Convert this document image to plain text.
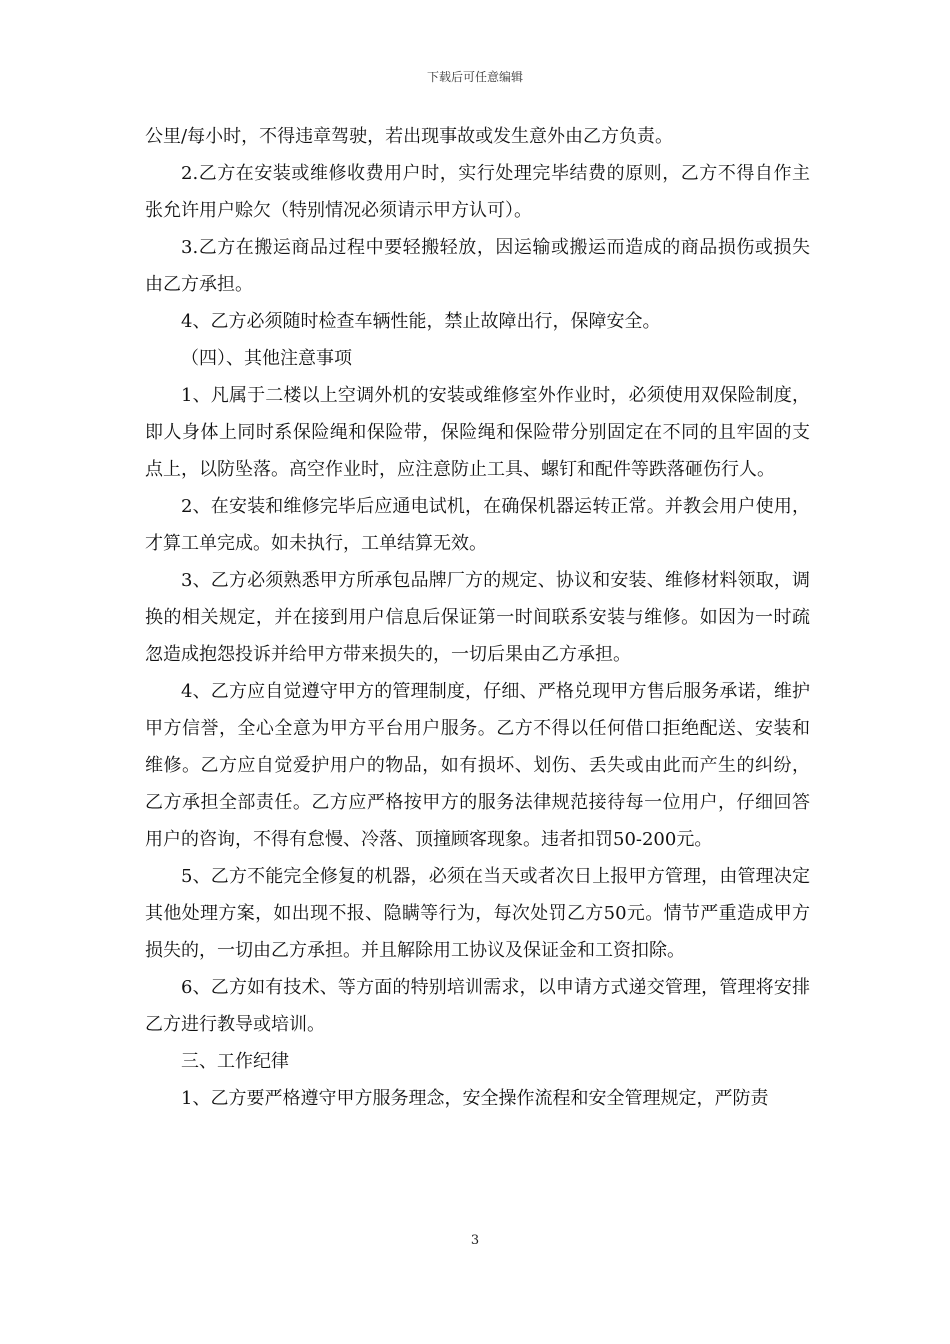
下载后可任意编辑

公里/每小时，不得违章驾驶，若出现事故或发生意外由乙方负责。

2.乙方在安装或维修收费用户时，实行处理完毕结费的原则，乙方不得自作主张允许用户赊欠（特别情况必须请示甲方认可）。

3.乙方在搬运商品过程中要轻搬轻放，因运输或搬运而造成的商品损伤或损失由乙方承担。

4、乙方必须随时检查车辆性能，禁止故障出行，保障安全。

（四）、其他注意事项

1、凡属于二楼以上空调外机的安装或维修室外作业时，必须使用双保险制度，即人身体上同时系保险绳和保险带，保险绳和保险带分别固定在不同的且牢固的支点上，以防坠落。高空作业时，应注意防止工具、螺钉和配件等跌落砸伤行人。

2、在安装和维修完毕后应通电试机，在确保机器运转正常。并教会用户使用，才算工单完成。如未执行，工单结算无效。

3、乙方必须熟悉甲方所承包品牌厂方的规定、协议和安装、维修材料领取，调换的相关规定，并在接到用户信息后保证第一时间联系安装与维修。如因为一时疏忽造成抱怨投诉并给甲方带来损失的，一切后果由乙方承担。

4、乙方应自觉遵守甲方的管理制度，仔细、严格兑现甲方售后服务承诺，维护甲方信誉，全心全意为甲方平台用户服务。乙方不得以任何借口拒绝配送、安装和维修。乙方应自觉爱护用户的物品，如有损坏、划伤、丢失或由此而产生的纠纷，乙方承担全部责任。乙方应严格按甲方的服务法律规范接待每一位用户，仔细回答用户的咨询，不得有怠慢、冷落、顶撞顾客现象。违者扣罚50-200元。

5、乙方不能完全修复的机器，必须在当天或者次日上报甲方管理，由管理决定其他处理方案，如出现不报、隐瞒等行为，每次处罚乙方50元。情节严重造成甲方损失的，一切由乙方承担。并且解除用工协议及保证金和工资扣除。

6、乙方如有技术、等方面的特别培训需求，以申请方式递交管理，管理将安排乙方进行教导或培训。

三、工作纪律

1、乙方要严格遵守甲方服务理念，安全操作流程和安全管理规定，严防责

3
